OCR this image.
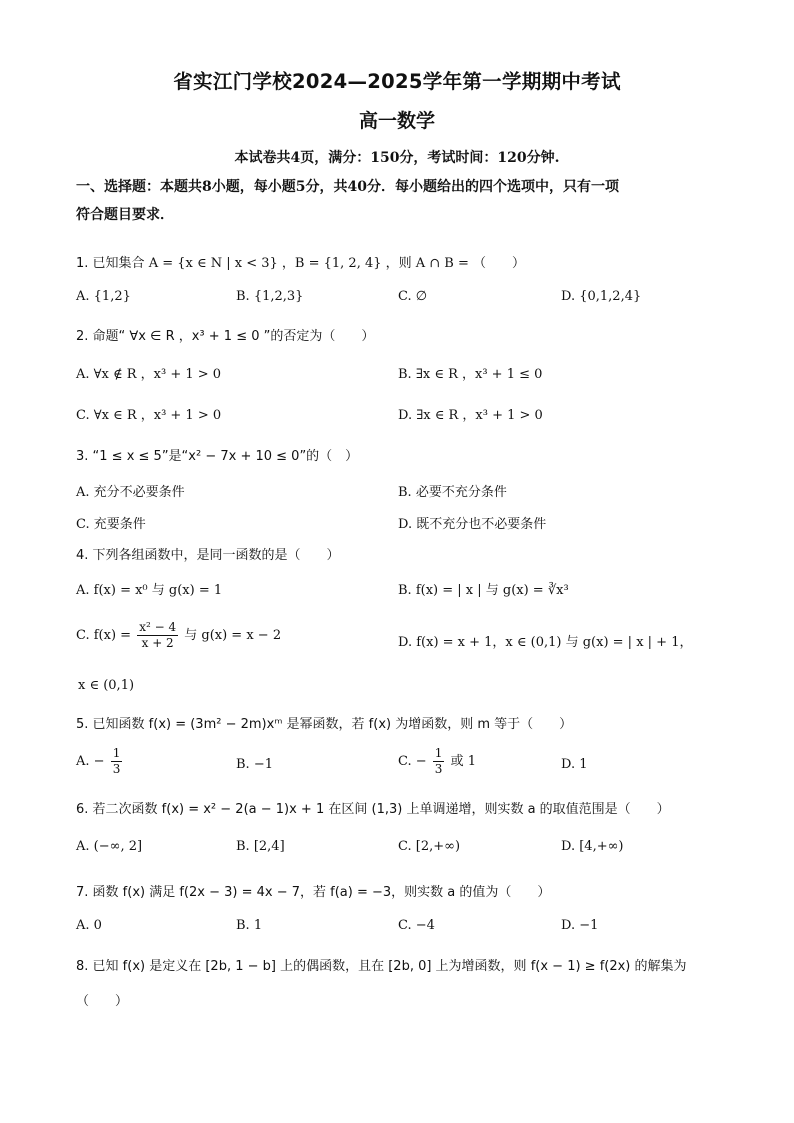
省实江门学校2024—2025学年第一学期期中考试
高一数学
本试卷共4页，满分：150分，考试时间：120分钟.
一、选择题：本题共8小题，每小题5分，共40分．每小题给出的四个选项中，只有一项
符合题目要求．
1. 已知集合 A = {x ∈ N | x < 3} ，B = {1, 2, 4} ，则 A ∩ B = （　　）
A. {1,2}	B. {1,2,3}	C. ∅	D. {0,1,2,4}
2. 命题“ ∀x ∈ R ，x³ + 1 ≤ 0 ”的否定为（　　）
A. ∀x ∉ R ，x³ + 1 > 0	B. ∃x ∈ R ，x³ + 1 ≤ 0
C. ∀x ∈ R ，x³ + 1 > 0	D. ∃x ∈ R ，x³ + 1 > 0
3. “1 ≤ x ≤ 5”是“x² − 7x + 10 ≤ 0”的（　）
A. 充分不必要条件	B. 必要不充分条件
C. 充要条件	D. 既不充分也不必要条件
4. 下列各组函数中，是同一函数的是（　　）
A. f(x) = x⁰ 与 g(x) = 1	B. f(x) = | x | 与 g(x) = ∛x³
C. $f(x) = \frac{\text{x² − 4}}{x + 2}$ 与 g(x) = x − 2	D. f(x) = x + 1，x ∈ (0,1) 与 g(x) = | x | + 1，
x ∈ (0,1)
5. 已知函数 f(x) = (3m² − 2m)xᵐ 是幂函数，若 f(x) 为增函数，则 m 等于（　　）
A. − $\frac{1}{3}$	B. −1	C. − $\frac{1}{3}$ 或 1	D. 1
6. 若二次函数 f(x) = x² − 2(a − 1)x + 1 在区间 (1,3) 上单调递增，则实数 a 的取值范围是（　　）
A. (−∞, 2]	B. [2,4]	C. [2,+∞)	D. [4,+∞)
7. 函数 f(x) 满足 f(2x − 3) = 4x − 7，若 f(a) = −3，则实数 a 的值为（　　）
A. 0	B. 1	C. −4	D. −1
8. 已知 f(x) 是定义在 [2b, 1 − b] 上的偶函数，且在 [2b, 0] 上为增函数，则 f(x − 1) ≥ f(2x) 的解集为
（　　）
